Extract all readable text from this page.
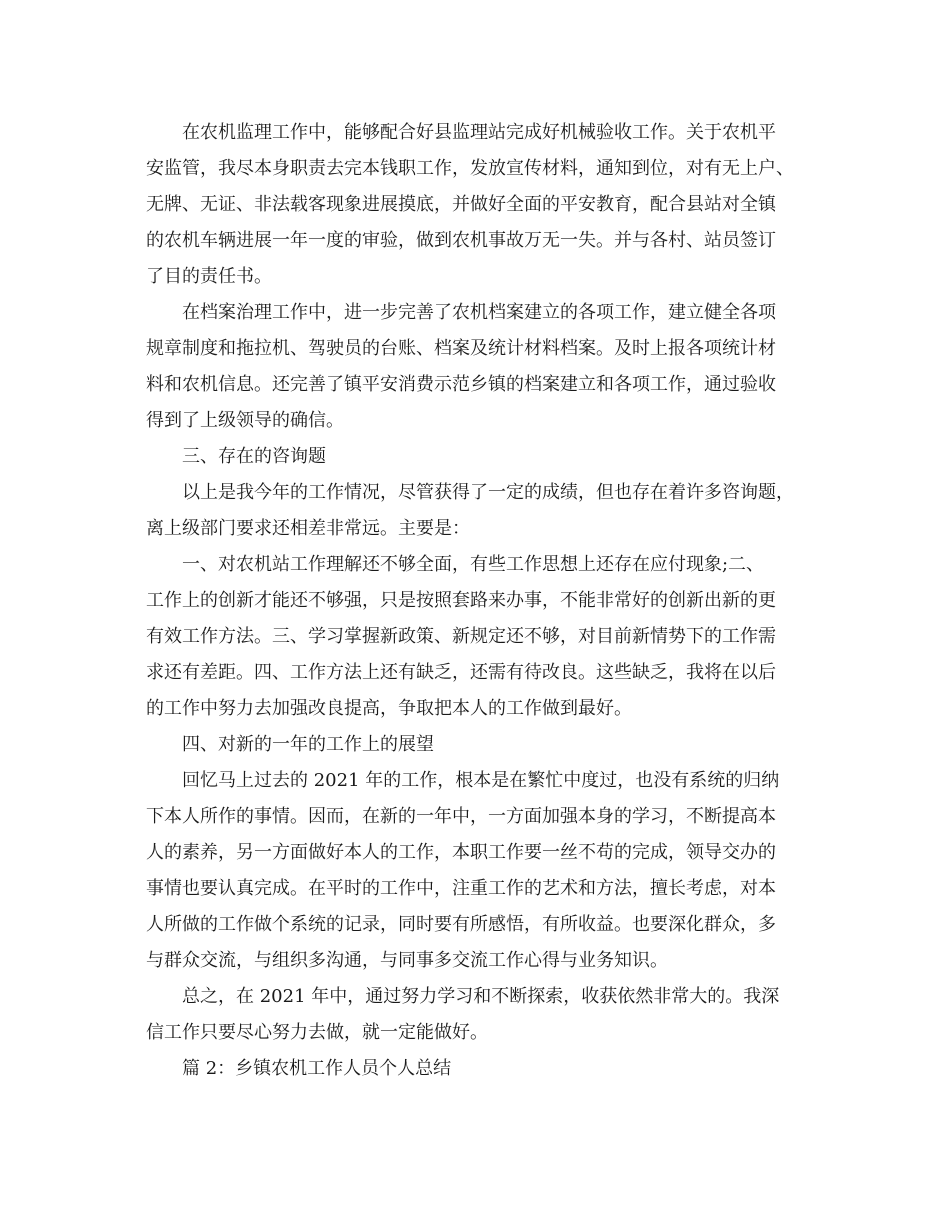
在农机监理工作中，能够配合好县监理站完成好机械验收工作。关于农机平
安监管，我尽本身职责去完本钱职工作，发放宣传材料，通知到位，对有无上户、
无牌、无证、非法载客现象进展摸底，并做好全面的平安教育，配合县站对全镇
的农机车辆进展一年一度的审验，做到农机事故万无一失。并与各村、站员签订
了目的责任书。
在档案治理工作中，进一步完善了农机档案建立的各项工作，建立健全各项
规章制度和拖拉机、驾驶员的台账、档案及统计材料档案。及时上报各项统计材
料和农机信息。还完善了镇平安消费示范乡镇的档案建立和各项工作，通过验收
得到了上级领导的确信。
三、存在的咨询题
以上是我今年的工作情况，尽管获得了一定的成绩，但也存在着许多咨询题，
离上级部门要求还相差非常远。主要是：
一、对农机站工作理解还不够全面，有些工作思想上还存在应付现象;二、
工作上的创新才能还不够强，只是按照套路来办事，不能非常好的创新出新的更
有效工作方法。三、学习掌握新政策、新规定还不够，对目前新情势下的工作需
求还有差距。四、工作方法上还有缺乏，还需有待改良。这些缺乏，我将在以后
的工作中努力去加强改良提高，争取把本人的工作做到最好。
四、对新的一年的工作上的展望
回忆马上过去的 2021 年的工作，根本是在繁忙中度过，也没有系统的归纳
下本人所作的事情。因而，在新的一年中，一方面加强本身的学习，不断提高本
人的素养，另一方面做好本人的工作，本职工作要一丝不苟的完成，领导交办的
事情也要认真完成。在平时的工作中，注重工作的艺术和方法，擅长考虑，对本
人所做的工作做个系统的记录，同时要有所感悟，有所收益。也要深化群众，多
与群众交流，与组织多沟通，与同事多交流工作心得与业务知识。
总之，在 2021 年中，通过努力学习和不断探索，收获依然非常大的。我深
信工作只要尽心努力去做，就一定能做好。
篇 2：乡镇农机工作人员个人总结
